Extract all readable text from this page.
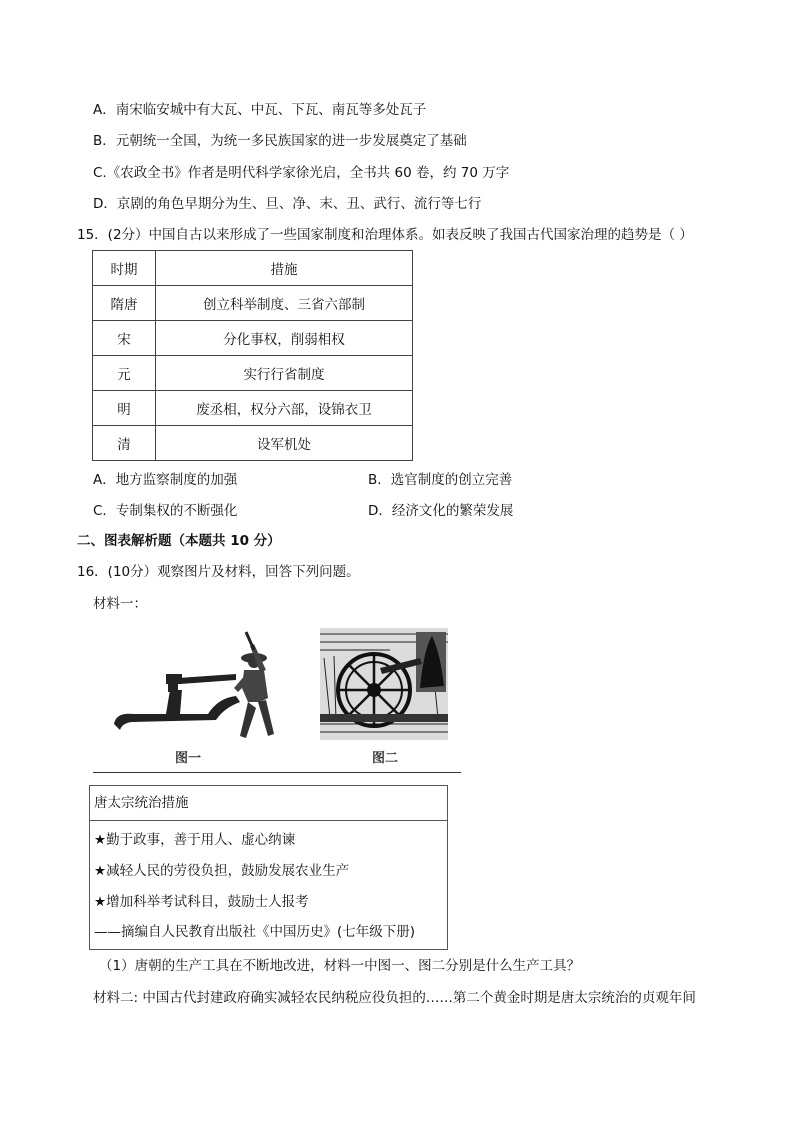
A．南宋临安城中有大瓦、中瓦、下瓦、南瓦等多处瓦子
B．元朝统一全国，为统一多民族国家的进一步发展奠定了基础
C.《农政全书》作者是明代科学家徐光启，全书共 60 卷，约 70 万字
D．京剧的角色早期分为生、旦、净、末、丑、武行、流行等七行
15．(2分）中国自古以来形成了一些国家制度和治理体系。如表反映了我国古代国家治理的趋势是（ ）
时期	措施
隋唐	创立科举制度、三省六部制
宋	分化事权，削弱相权
元	实行行省制度
明	废丞相，权分六部，设锦衣卫
清	设军机处
A．地方监察制度的加强	B．选官制度的创立完善
C．专制集权的不断强化	D．经济文化的繁荣发展
二、图表解析题（本题共 10 分）
16．(10分）观察图片及材料，回答下列问题。
材料一：
图一	图二
唐太宗统治措施
★勤于政事，善于用人、虚心纳谏
★减轻人民的劳役负担，鼓励发展农业生产
★增加科举考试科目，鼓励士人报考
——摘编自人民教育出版社《中国历史》(七年级下册)
（1）唐朝的生产工具在不断地改进，材料一中图一、图二分别是什么生产工具？
材料二: 中国古代封建政府确实减轻农民纳税应役负担的……第二个黄金时期是唐太宗统治的贞观年间
